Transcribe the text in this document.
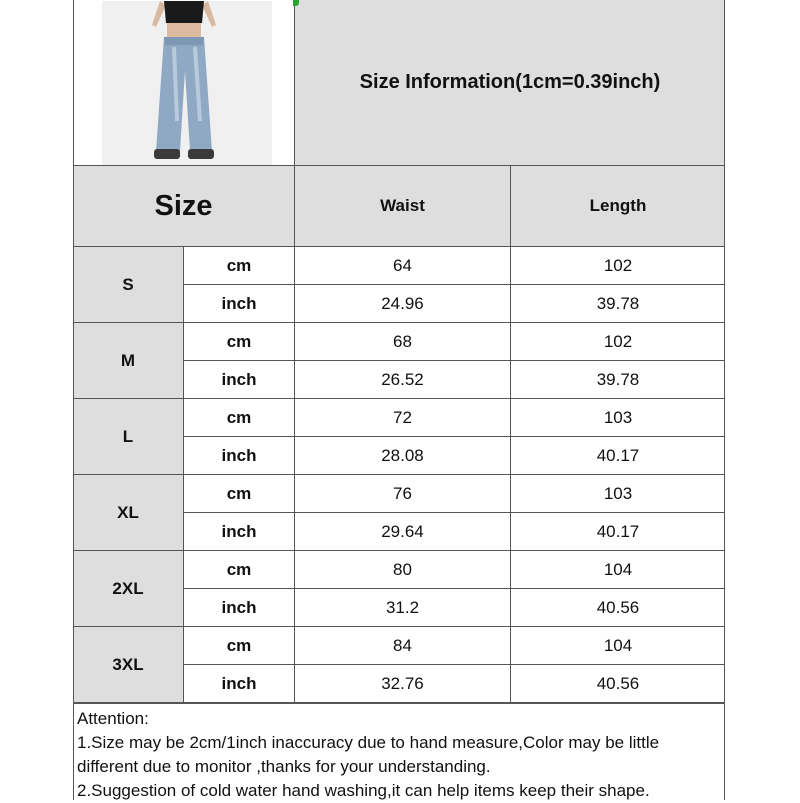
Size Information(1cm=0.39inch)
Size	Waist	Length
S
cm	64	102
inch	24.96	39.78
M
cm	68	102
inch	26.52	39.78
L
cm	72	103
inch	28.08	40.17
XL
cm	76	103
inch	29.64	40.17
2XL
cm	80	104
inch	31.2	40.56
3XL
cm	84	104
inch	32.76	40.56
Attention:
1.Size may be 2cm/1inch inaccuracy due to hand measure,Color may be little
different due to monitor ,thanks for your understanding.
2.Suggestion of cold water hand washing,it can help items keep their shape.
